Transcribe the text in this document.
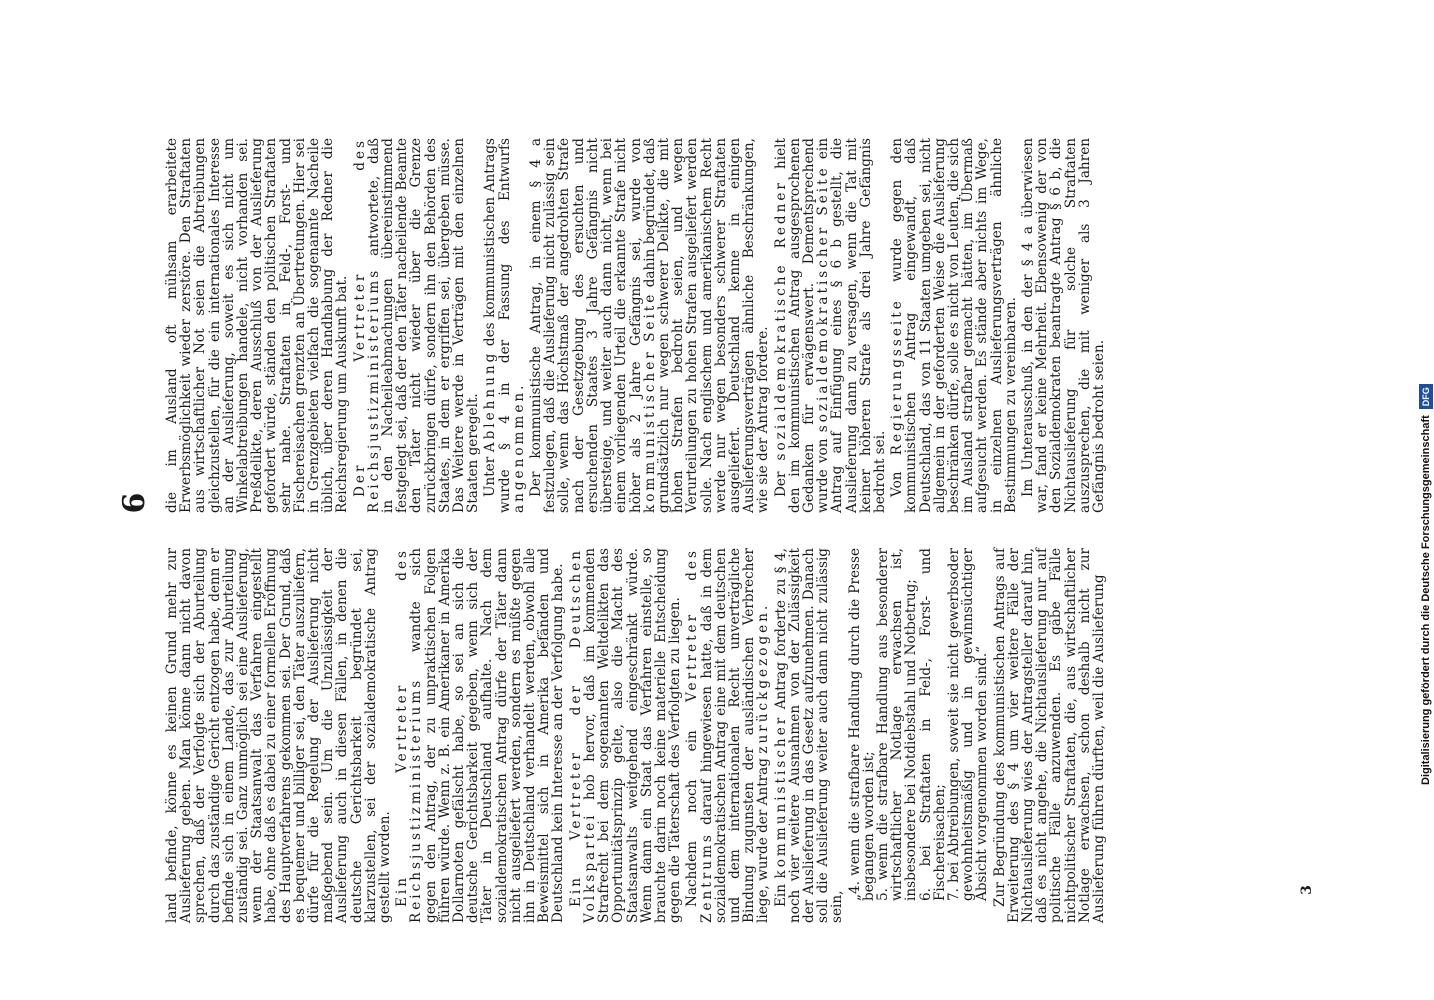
6

land befinde, könne es keinen Grund mehr zur Auslieferung geben. Man könne dann nicht davon sprechen, daß der Verfolgte sich der Aburteilung durch das zuständige Gericht entzogen habe, denn er befinde sich in einem Lande, das zur Aburteilung zuständig sei. Ganz unmöglich sei eine Auslieferung, wenn der Staatsanwalt das Verfahren eingestellt habe, ohne daß es dabei zu einer formellen Eröffnung des Hauptverfahrens gekommen sei. Der Grund, daß es bequemer und billiger sei, den Täter auszuliefern, dürfe für die Regelung der Auslieferung nicht maßgebend sein. Um die Unzulässigkeit der Auslieferung auch in diesen Fällen, in denen die deutsche Gerichtsbarkeit begründet sei, klarzustellen, sei der sozialdemokratische Antrag gestellt worden. Ein Vertreter des Reichsjustizministeriums wandte sich gegen den Antrag, der zu unpraktischen Folgen führen würde. Wenn z. B. ein Amerikaner in Amerika Dollarnoten gefälscht habe, so sei an sich die deutsche Gerichtsbarkeit gegeben, wenn sich der Täter in Deutschland aufhalte. Nach dem sozialdemokratischen Antrag dürfe der Täter dann nicht ausgeliefert werden, sondern es müßte gegen ihn in Deutschland verhandelt werden, obwohl alle Beweismittel sich in Amerika befänden und Deutschland kein Interesse an der Verfolgung habe. Ein Vertreter der Deutschen Volkspartei hob hervor, daß im kommenden Strafrecht bei dem sogenannten Weltdelikten das Opportunitätsprinzip gelte, also die Macht des Staatsanwalts weitgehend eingeschränkt würde. Wenn dann ein Staat das Verfahren einstelle, so brauchte darin noch keine materielle Entscheidung gegen die Täterschaft des Verfolgten zu liegen. Nachdem noch ein Vertreter des Zentrums darauf hingewiesen hatte, daß in dem sozialdemokratischen Antrag eine mit dem deutschen und dem internationalen Recht unverträgliche Bindung zugunsten der ausländischen Verbrecher liege, wurde der Antrag zurückgezogen.

Ein kommunistischer Antrag forderte zu § 4, noch vier weitere Ausnahmen von der Zulässigkeit der Auslieferung in das Gesetz aufzunehmen. Danach soll die Auslieferung weiter auch dann nicht zulässig sein,

„4. wenn die strafbare Handlung durch die Presse begangen worden ist;
5. wenn die strafbare Handlung aus besonderer wirtschaftlicher Notlage erwachsen ist, insbesondere bei Notdiebstahl und Notbetrug;
6. bei Straftaten in Feld-, Forst- und Fischereisachen;
7. bei Abtreibungen, soweit sie nicht gewerbsoder gewohnheitsmäßig und in gewinnsüchtiger Absicht vorgenommen worden sind.“ Zur Begründung des kommunistischen Antrags auf Erweiterung des § 4 um vier weitere Fälle der Nichtauslieferung wies der Antragsteller darauf hin, daß es nicht angehe, die Nichtauslieferung nur auf politische Fälle anzuwenden. Es gäbe Fälle nichtpolitischer Straftaten, die, aus wirtschaftlicher Notlage erwachsen, schon deshalb nicht zur Auslieferung führen dürften, weil die Auslieferung

die im Ausland oft mühsam erarbeitete Erwerbsmöglichkeit wieder zerstöre. Den Straftaten aus wirtschaftlicher Not seien die Abtreibungen gleichzustellen, für die ein internationales Interesse an der Auslieferung, soweit es sich nicht um Winkelabtreibungen handele, nicht vorhanden sei. Preßdelikte, deren Ausschluß von der Auslieferung gefordert würde, ständen den politischen Straftaten sehr nahe. Straftaten in Feld-, Forst- und Fischereisachen grenzten an Übertretungen. Hier sei in Grenzgebieten vielfach die sogenannte Nacheile üblich, über deren Handhabung der Redner die Reichsregierung um Auskunft bat. Der Vertreter des Reichsjustizministeriums antwortete, daß in den Nacheileabmachungen übereinstimmend festgelegt sei, daß der den Täter nacheilende Beamte den Täter nicht wieder über die Grenze zurückbringen dürfe, sondern ihn den Behörden des Staates, in dem er ergriffen sei, übergeben müsse. Das Weitere werde in Verträgen mit den einzelnen Staaten geregelt. Unter Ablehnung des kommunistischen Antrags wurde § 4 in der Fassung des Entwurfs angenommen. Der kommunistische Antrag, in einem § 4 a festzulegen, daß die Auslieferung nicht zulässig sein solle, wenn das Höchstmaß der angedrohten Strafe nach der Gesetzgebung des ersuchten und ersuchenden Staates 3 Jahre Gefängnis nicht übersteige, und weiter auch dann nicht, wenn bei einem vorliegenden Urteil die erkannte Strafe nicht höher als 2 Jahre Gefängnis sei, wurde von kommunistischer Seite dahin begründet, daß grundsätzlich nur wegen schwerer Delikte, die mit hohen Strafen bedroht seien, und wegen Verurteilungen zu hohen Strafen ausgeliefert werden solle. Nach englischem und amerikanischem Recht werde nur wegen besonders schwerer Straftaten ausgeliefert. Deutschland kenne in einigen Auslieferungsverträgen ähnliche Beschränkungen, wie sie der Antrag fordere. Der sozialdemokratische Redner hielt den im kommunistischen Antrag ausgesprochenen Gedanken für erwägenswert. Dementsprechend wurde von sozialdemokratischer Seite ein Antrag auf Einfügung eines § 6 b gestellt, die Auslieferung dann zu versagen, wenn die Tat mit keiner höheren Strafe als drei Jahre Gefängnis bedroht sei. Von Regierungsseite wurde gegen den kommunistischen Antrag eingewandt, daß Deutschland, das von 11 Staaten umgeben sei, nicht allgemein in der geforderten Weise die Auslieferung beschränken dürfe, solle es nicht von Leuten, die sich im Ausland strafbar gemacht hätten, im Übermaß aufgesucht werden. Es stände aber nichts im Wege, in einzelnen Auslieferungsverträgen ähnliche Bestimmungen zu vereinbaren. Im Unterausschuß, in den der § 4 a überwiesen war, fand er keine Mehrheit. Ebensowenig der von den Sozialdemokraten beantragte Antrag § 6 b, die Nichtauslieferung für solche Straftaten auszusprechen, die mit weniger als 3 Jahren Gefängnis bedroht seien.

3
Digitalisierung gefördert durch die Deutsche Forschungsgemeinschaft
DFG
